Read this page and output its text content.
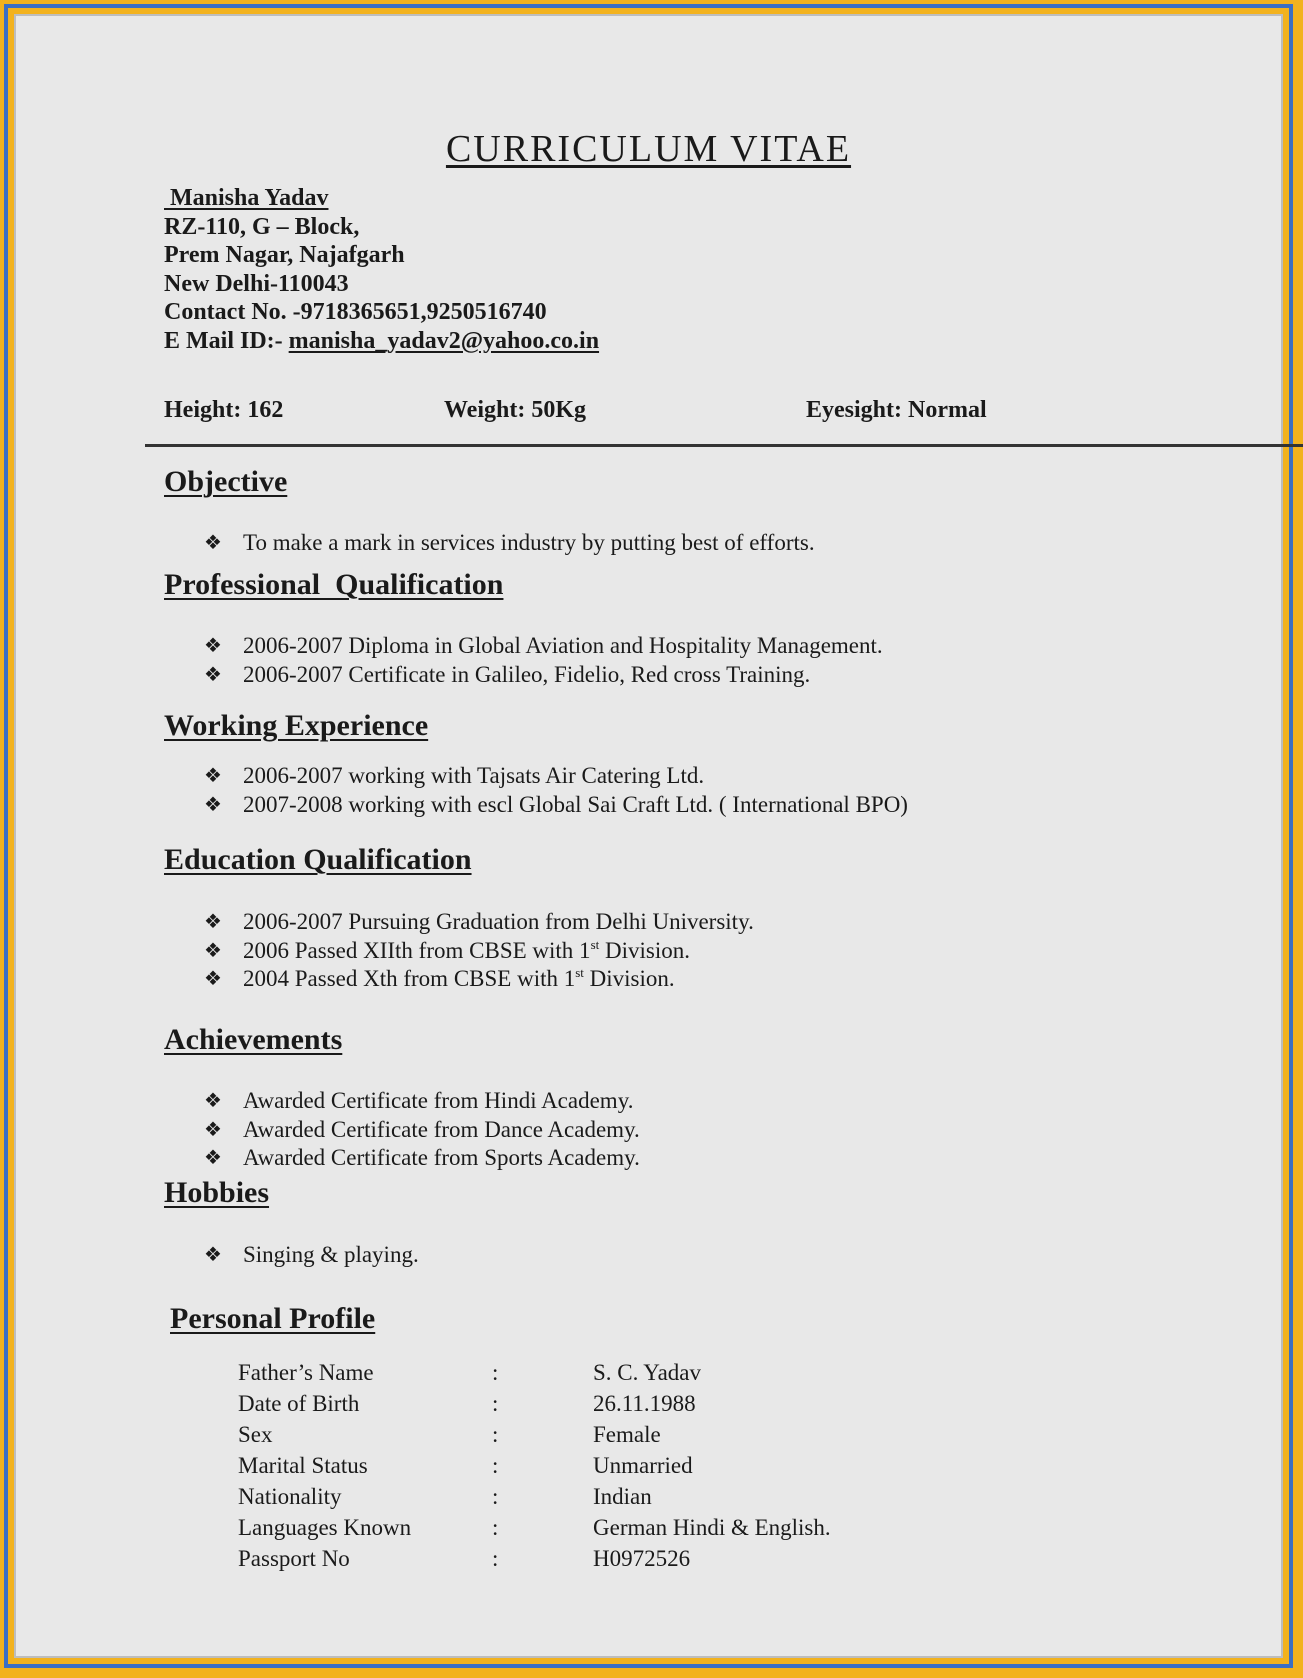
CURRICULUM VITAE
Manisha Yadav
RZ-110, G – Block,
Prem Nagar, Najafgarh
New Delhi-110043
Contact No. -9718365651,9250516740
E Mail ID:- manisha_yadav2@yahoo.co.in
Height: 162	Weight: 50Kg	Eyesight: Normal
Objective
❖ To make a mark in services industry by putting best of efforts.
Professional  Qualification
❖ 2006-2007 Diploma in Global Aviation and Hospitality Management.
❖ 2006-2007 Certificate in Galileo, Fidelio, Red cross Training.
Working Experience
❖ 2006-2007 working with Tajsats Air Catering Ltd.
❖ 2007-2008 working with escl Global Sai Craft Ltd. ( International BPO)
Education Qualification
❖ 2006-2007 Pursuing Graduation from Delhi University.
❖ 2006 Passed XIIth from CBSE with 1st Division.
❖ 2004 Passed Xth from CBSE with 1st Division.
Achievements
❖ Awarded Certificate from Hindi Academy.
❖ Awarded Certificate from Dance Academy.
❖ Awarded Certificate from Sports Academy.
Hobbies
❖ Singing & playing.
Personal Profile
Father’s Name	:	S. C. Yadav
Date of Birth	:	26.11.1988
Sex	:	Female
Marital Status	:	Unmarried
Nationality	:	Indian
Languages Known	:	German Hindi & English.
Passport No	:	H0972526
